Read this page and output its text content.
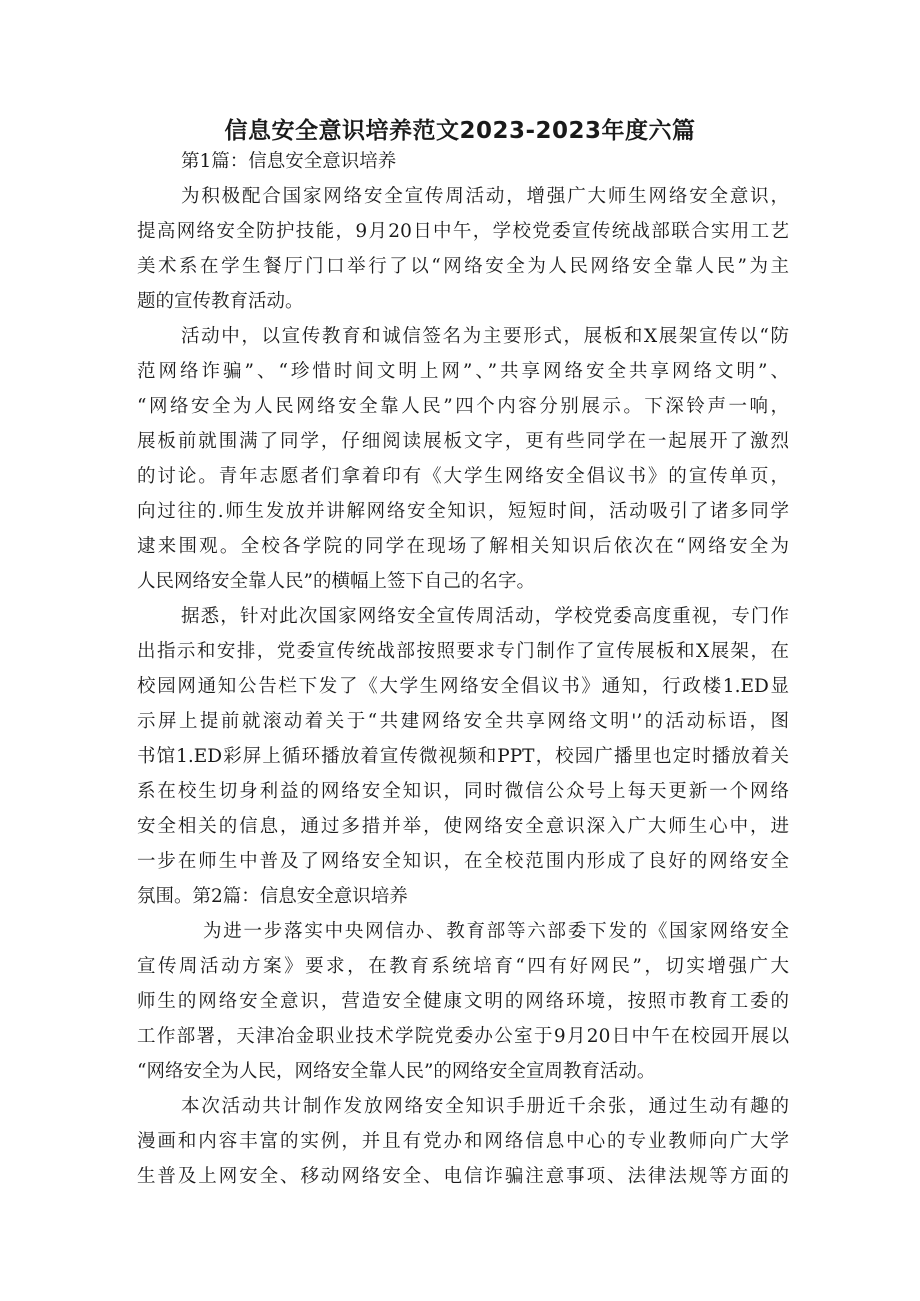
信息安全意识培养范文2023-2023年度六篇
第1篇：信息安全意识培养
为积极配合国家网络安全宣传周活动，增强广大师生网络安全意识，
提高网络安全防护技能，9月20日中午，学校党委宣传统战部联合实用工艺
美术系在学生餐厅门口举行了以“网络安全为人民网络安全靠人民”为主
题的宣传教育活动。
活动中，以宣传教育和诚信签名为主要形式，展板和X展架宣传以“防
范网络诈骗”、“珍惜时间文明上网”、”共享网络安全共享网络文明”、
“网络安全为人民网络安全靠人民”四个内容分别展示。下深铃声一响，
展板前就围满了同学，仔细阅读展板文字，更有些同学在一起展开了激烈
的讨论。青年志愿者们拿着印有《大学生网络安全倡议书》的宣传单页，
向过往的.师生发放并讲解网络安全知识，短短时间，活动吸引了诸多同学
逮来围观。全校各学院的同学在现场了解相关知识后依次在“网络安全为
人民网络安全靠人民”的横幅上签下自己的名字。
据悉，针对此次国家网络安全宣传周活动，学校党委高度重视，专门作
出指示和安排，党委宣传统战部按照要求专门制作了宣传展板和X展架，在
校园网通知公告栏下发了《大学生网络安全倡议书》通知，行政楼1.ED显
示屏上提前就滚动着关于“共建网络安全共享网络文明'’的活动标语，图
书馆1.ED彩屏上循环播放着宣传微视频和PPT，校园广播里也定时播放着关
系在校生切身利益的网络安全知识，同时微信公众号上每天更新一个网络
安全相关的信息，通过多措并举，使网络安全意识深入广大师生心中，进
一步在师生中普及了网络安全知识，在全校范围内形成了良好的网络安全
氛围。第2篇：信息安全意识培养
为进一步落实中央网信办、教育部等六部委下发的《国家网络安全
宣传周活动方案》要求，在教育系统培育“四有好网民”，切实增强广大
师生的网络安全意识，营造安全健康文明的网络环境，按照市教育工委的
工作部署，天津冶金职业技术学院党委办公室于9月20日中午在校园开展以
“网络安全为人民，网络安全靠人民”的网络安全宣周教育活动。
本次活动共计制作发放网络安全知识手册近千余张，通过生动有趣的
漫画和内容丰富的实例，并且有党办和网络信息中心的专业教师向广大学
生普及上网安全、移动网络安全、电信诈骗注意事项、法律法规等方面的
